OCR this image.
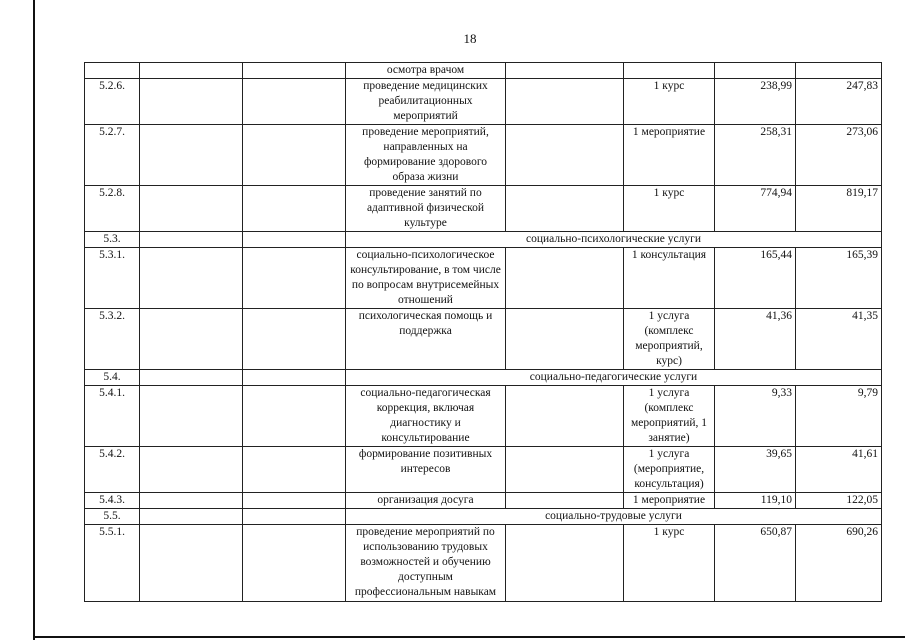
18
			осмотра врачом				
5.2.6.			проведение медицинских реабилитационных мероприятий		1 курс	238,99	247,83
5.2.7.			проведение мероприятий, направленных на формирование здорового образа жизни		1 мероприятие	258,31	273,06
5.2.8.			проведение занятий по адаптивной физической культуре		1 курс	774,94	819,17
5.3.			социально-психологические услуги				
5.3.1.			социально-психологическое консультирование, в том числе по вопросам внутрисемейных отношений		1 консультация	165,44	165,39
5.3.2.			психологическая помощь и поддержка		1 услуга (комплекс мероприятий, курс)	41,36	41,35
5.4.			социально-педагогические услуги				
5.4.1.			социально-педагогическая коррекция, включая диагностику и консультирование		1 услуга (комплекс мероприятий, 1 занятие)	9,33	9,79
5.4.2.			формирование позитивных интересов		1 услуга (мероприятие, консультация)	39,65	41,61
5.4.3.			организация досуга		1 мероприятие	119,10	122,05
5.5.			социально-трудовые услуги				
5.5.1.			проведение мероприятий по использованию трудовых возможностей и обучению доступным профессиональным навыкам		1 курс	650,87	690,26
